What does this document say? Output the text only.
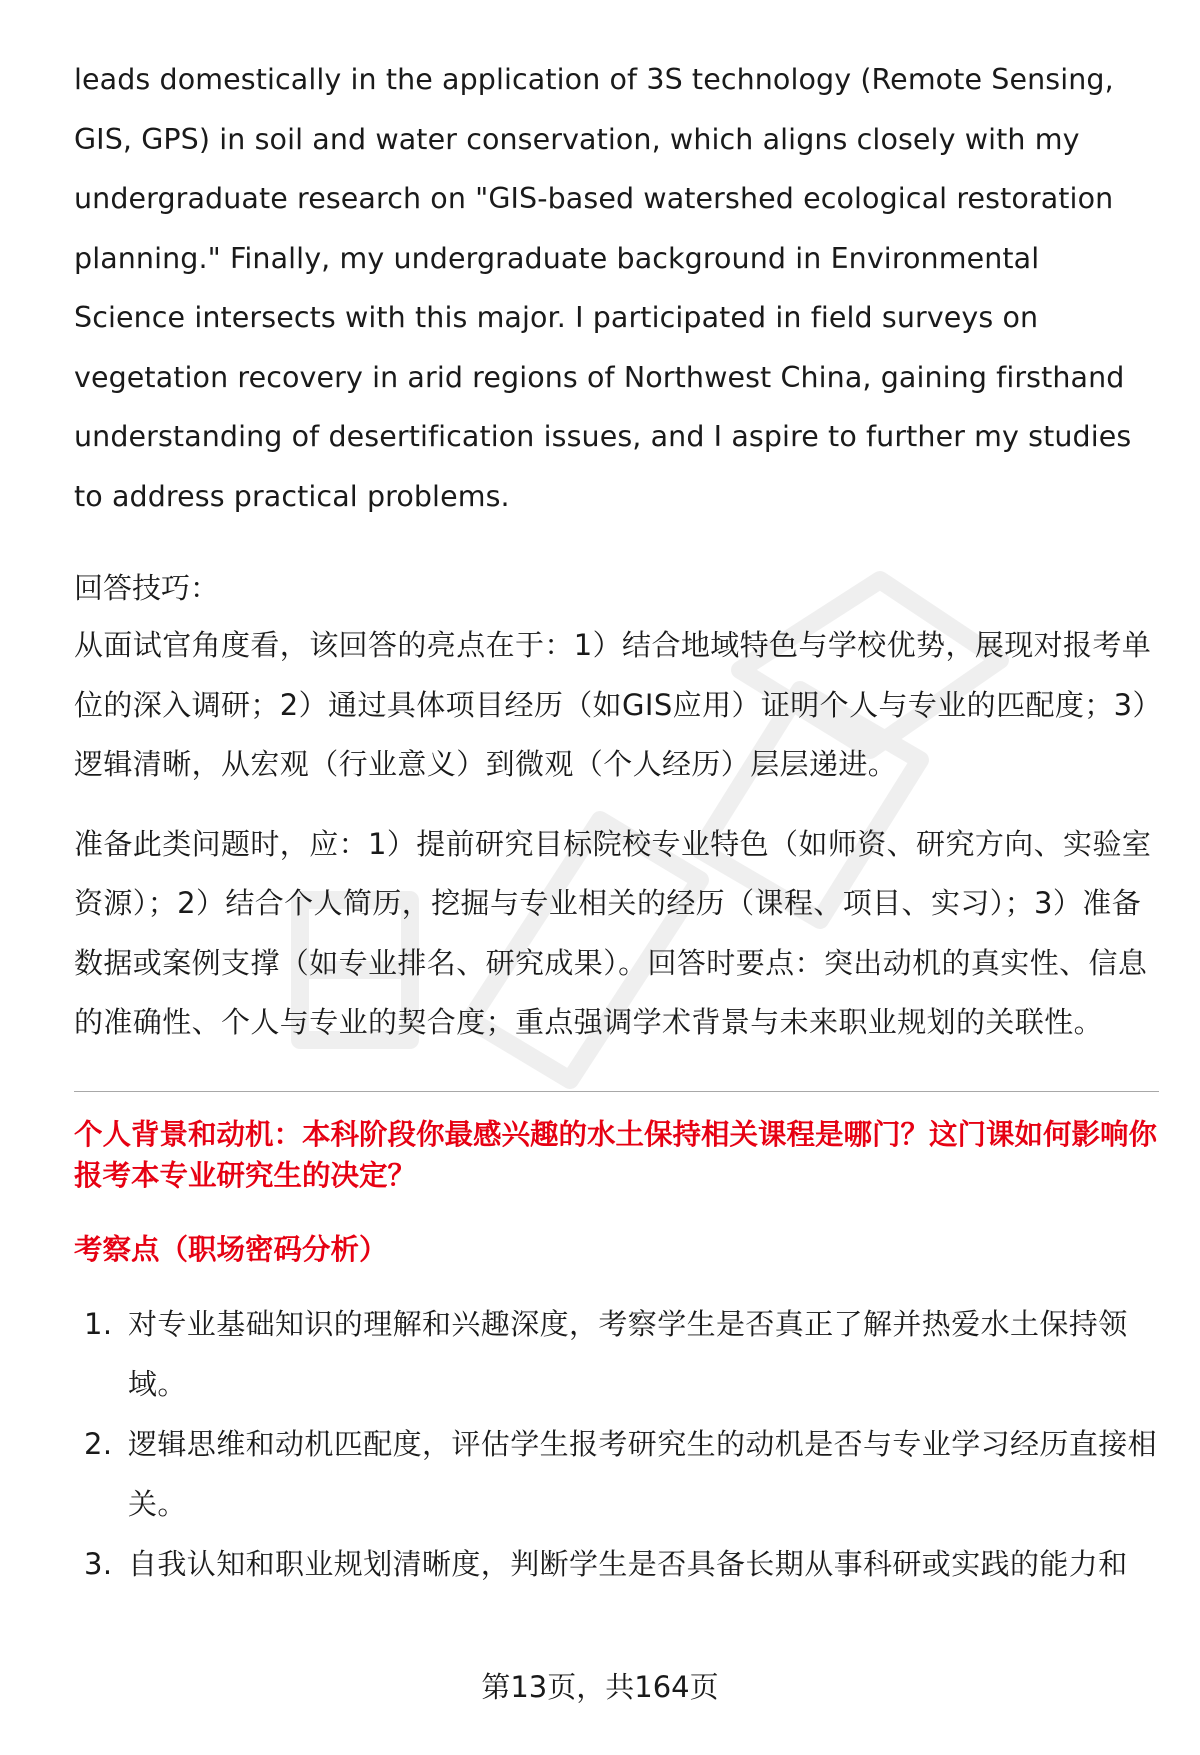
leads domestically in the application of 3S technology (Remote Sensing, GIS, GPS) in soil and water conservation, which aligns closely with my undergraduate research on "GIS-based watershed ecological restoration planning." Finally, my undergraduate background in Environmental Science intersects with this major. I participated in field surveys on vegetation recovery in arid regions of Northwest China, gaining firsthand understanding of desertification issues, and I aspire to further my studies to address practical problems.

回答技巧：

从面试官角度看，该回答的亮点在于：1）结合地域特色与学校优势，展现对报考单位的深入调研；2）通过具体项目经历（如GIS应用）证明个人与专业的匹配度；3）逻辑清晰，从宏观（行业意义）到微观（个人经历）层层递进。

准备此类问题时，应：1）提前研究目标院校专业特色（如师资、研究方向、实验室资源）；2）结合个人简历，挖掘与专业相关的经历（课程、项目、实习）；3）准备数据或案例支撑（如专业排名、研究成果）。回答时要点：突出动机的真实性、信息的准确性、个人与专业的契合度；重点强调学术背景与未来职业规划的关联性。

个人背景和动机：本科阶段你最感兴趣的水土保持相关课程是哪门？这门课如何影响你报考本专业研究生的决定？

考察点（职场密码分析）

1. 对专业基础知识的理解和兴趣深度，考察学生是否真正了解并热爱水土保持领域。
2. 逻辑思维和动机匹配度，评估学生报考研究生的动机是否与专业学习经历直接相关。
3. 自我认知和职业规划清晰度，判断学生是否具备长期从事科研或实践的能力和
第13页，共164页
